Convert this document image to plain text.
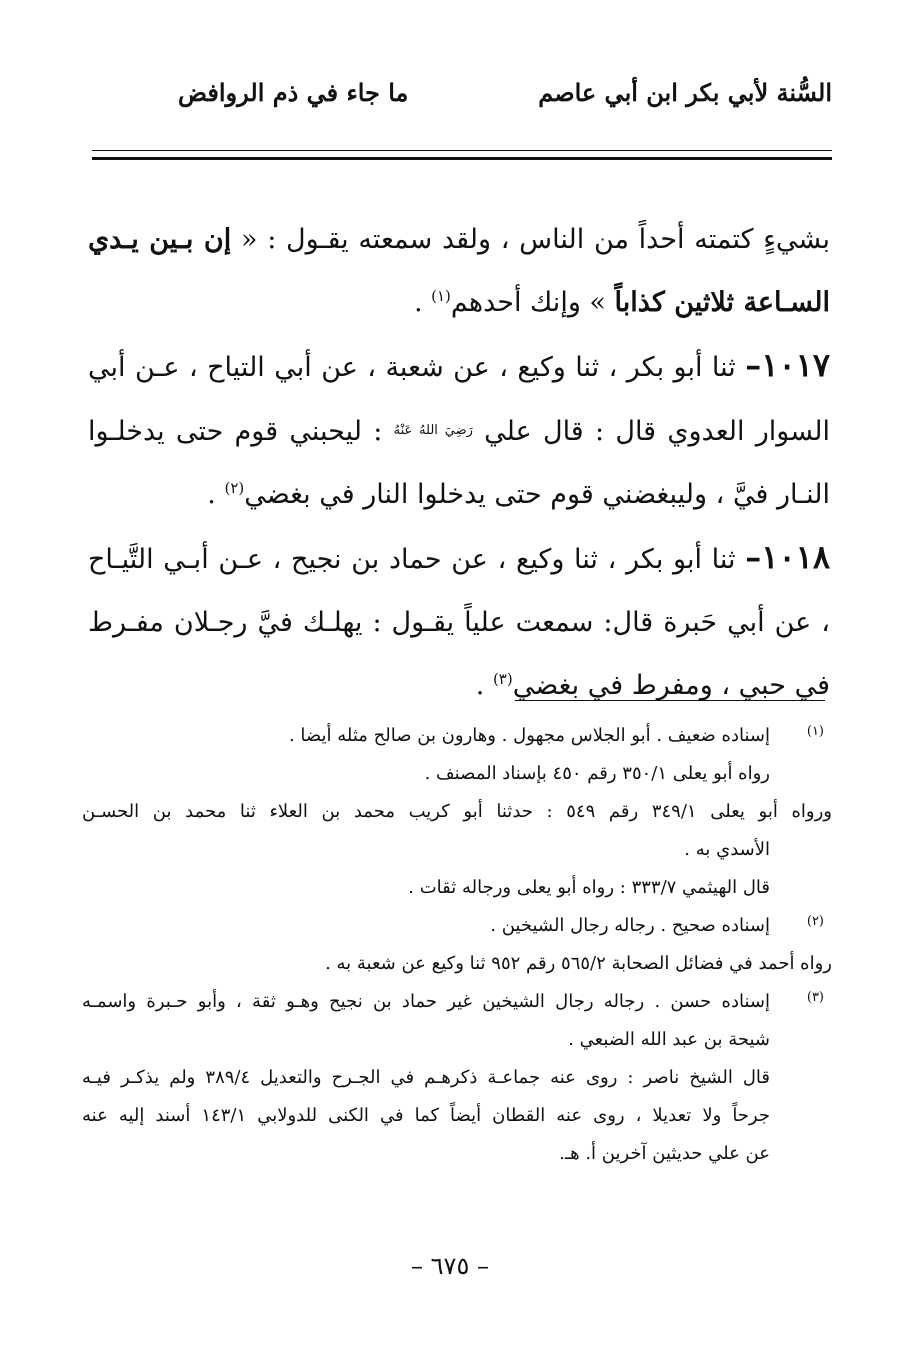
السُّنة لأبي بكر ابن أبي عاصم
ما جاء في ذم الروافض

بشيءٍ كتمته أحداً من الناس ، ولقد سمعته يقـول : « إن بـين يـدي السـاعة ثلاثين كذاباً » وإنك أحدهم$^{(١)}$ .

١٠١٧– ثنا أبو بكر ، ثنا وكيع ، عن شعبة ، عن أبي التياح ، عـن أبي السوار العدوي قال : قال علي $^{رَضِيَ اللهُ عَنْهُ}$ : ليحبني قوم حتى يدخلـوا النـار فيَّ ، وليبغضني قوم حتى يدخلوا النار في بغضي$^{(٢)}$ .

١٠١٨– ثنا أبو بكر ، ثنا وكيع ، عن حماد بن نجيح ، عـن أبـي التَّيـاح ، عن أبي حَبرة قال: سمعت علياً يقـول : يهلـك فيَّ رجـلان مفـرط في حبي ، ومفرط في بغضي$^{(٣)}$ .

(١)
إسناده ضعيف . أبو الجلاس مجهول . وهارون بن صالح مثله أيضا .
رواه أبو يعلى ٣٥٠/١ رقم ٤٥٠ بإسناد المصنف .
ورواه أبو يعلى ٣٤٩/١ رقم ٥٤٩ : حدثنا أبو كريب محمد بن العلاء ثنا محمد بن الحسـن
الأسدي به .
قال الهيثمي ٣٣٣/٧ : رواه أبو يعلى ورجاله ثقات .
(٢)
إسناده صحيح . رجاله رجال الشيخين .
رواه أحمد في فضائل الصحابة ٥٦٥/٢ رقم ٩٥٢ ثنا وكيع عن شعبة به .
(٣)
إسناده حسن . رجاله رجال الشيخين غير حماد بن نجيح وهـو ثقة ، وأبو حـبرة واسمـه
شيحة بن عبد الله الضبعي .
قال الشيخ ناصر : روى عنه جماعـة ذكرهـم في الجـرح والتعديل ٣٨٩/٤ ولم يذكـر فيـه
جرحاً ولا تعديلا ، روى عنه القطان أيضاً كما في الكنى للدولابي ١٤٣/١ أسند إليه عنه
عن علي حديثين آخرين أ. هـ.
– ٦٧٥ –
